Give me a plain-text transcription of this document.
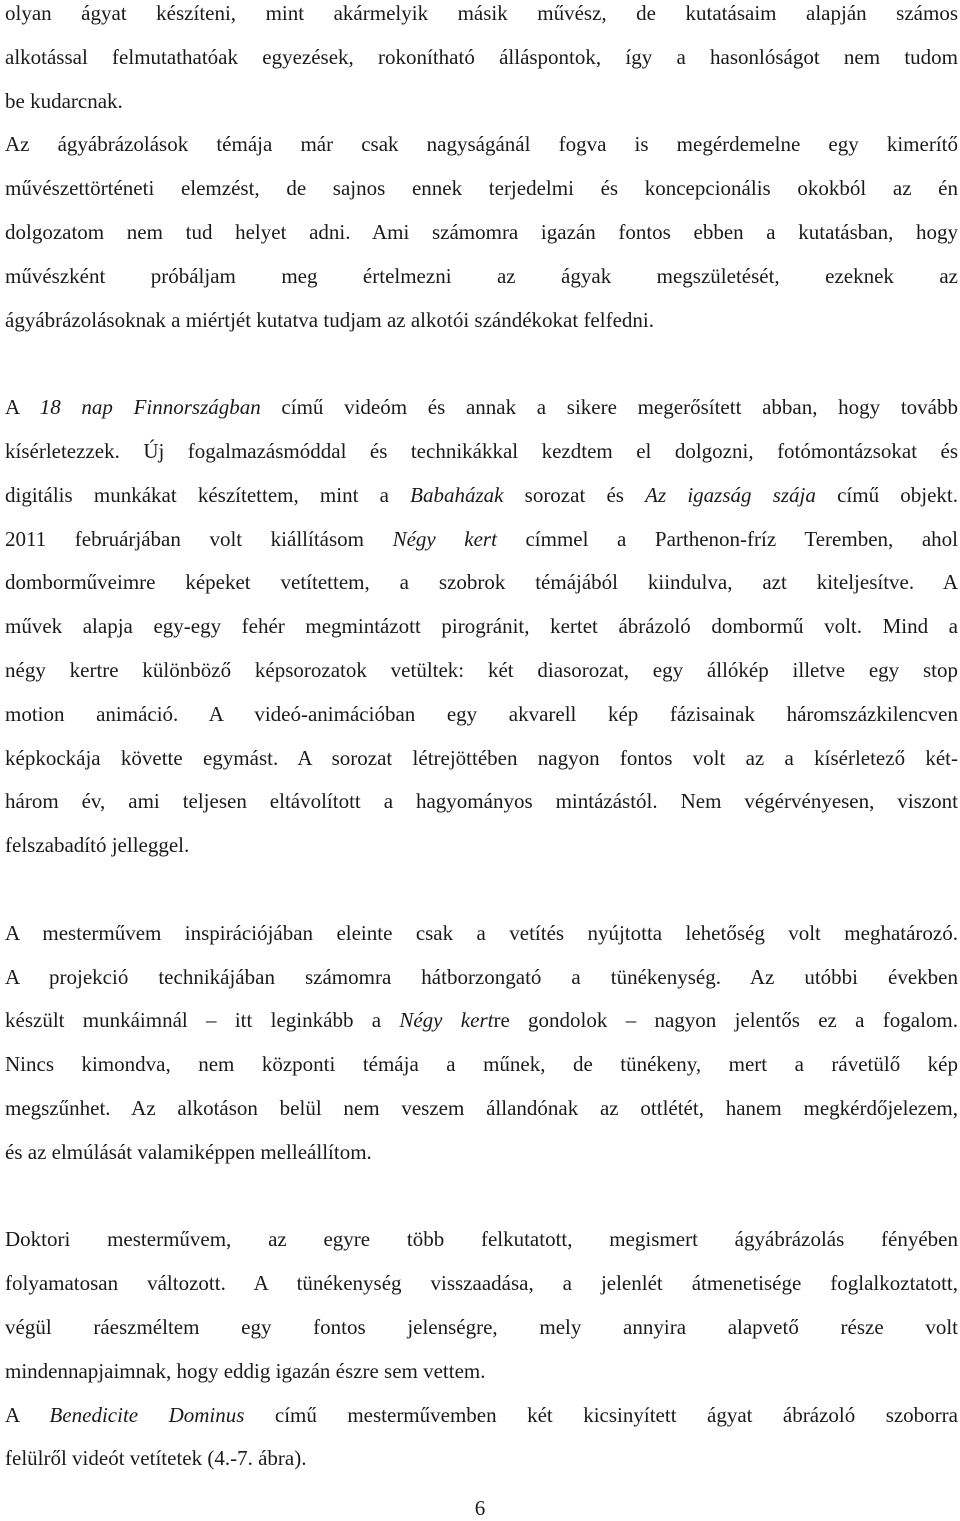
olyan ágyat készíteni, mint akármelyik másik művész, de kutatásaim alapján számos
alkotással felmutathatóak egyezések, rokonítható álláspontok, így a hasonlóságot nem tudom
be kudarcnak.
Az ágyábrázolások témája már csak nagyságánál fogva is megérdemelne egy kimerítő
művészettörténeti elemzést, de sajnos ennek terjedelmi és koncepcionális okokból az én
dolgozatom nem tud helyet adni. Ami számomra igazán fontos ebben a kutatásban, hogy
művészként próbáljam meg értelmezni az ágyak megszületését, ezeknek az
ágyábrázolásoknak a miértjét kutatva tudjam az alkotói szándékokat felfedni.
A 18 nap Finnországban című videóm és annak a sikere megerősített abban, hogy tovább
kísérletezzek. Új fogalmazásmóddal és technikákkal kezdtem el dolgozni, fotómontázsokat és
digitális munkákat készítettem, mint a Babaházak sorozat és Az igazság szája című objekt.
2011 februárjában volt kiállításom Négy kert címmel a Parthenon-fríz Teremben, ahol
domborműveimre képeket vetítettem, a szobrok témájából kiindulva, azt kiteljesítve. A
művek alapja egy-egy fehér megmintázott pirogránit, kertet ábrázoló dombormű volt. Mind a
négy kertre különböző képsorozatok vetültek: két diasorozat, egy állókép illetve egy stop
motion animáció. A videó-animációban egy akvarell kép fázisainak háromszázkilencven
képkockája követte egymást. A sorozat létrejöttében nagyon fontos volt az a kísérletező két-
három év, ami teljesen eltávolított a hagyományos mintázástól. Nem végérvényesen, viszont
felszabadító jelleggel.
A mesterművem inspirációjában eleinte csak a vetítés nyújtotta lehetőség volt meghatározó.
A projekció technikájában számomra hátborzongató a tünékenység. Az utóbbi években
készült munkáimnál – itt leginkább a Négy kertre gondolok – nagyon jelentős ez a fogalom.
Nincs kimondva, nem központi témája a műnek, de tünékeny, mert a rávetülő kép
megszűnhet. Az alkotáson belül nem veszem állandónak az ottlétét, hanem megkérdőjelezem,
és az elmúlását valamiképpen melleállítom.
Doktori mesterművem, az egyre több felkutatott, megismert ágyábrázolás fényében
folyamatosan változott. A tünékenység visszaadása, a jelenlét átmenetisége foglalkoztatott,
végül ráeszméltem egy fontos jelenségre, mely annyira alapvető része volt
mindennapjaimnak, hogy eddig igazán észre sem vettem.
A Benedicite Dominus című mesterművemben két kicsinyített ágyat ábrázoló szoborra
felülről videót vetítetek (4.-7. ábra).
6
